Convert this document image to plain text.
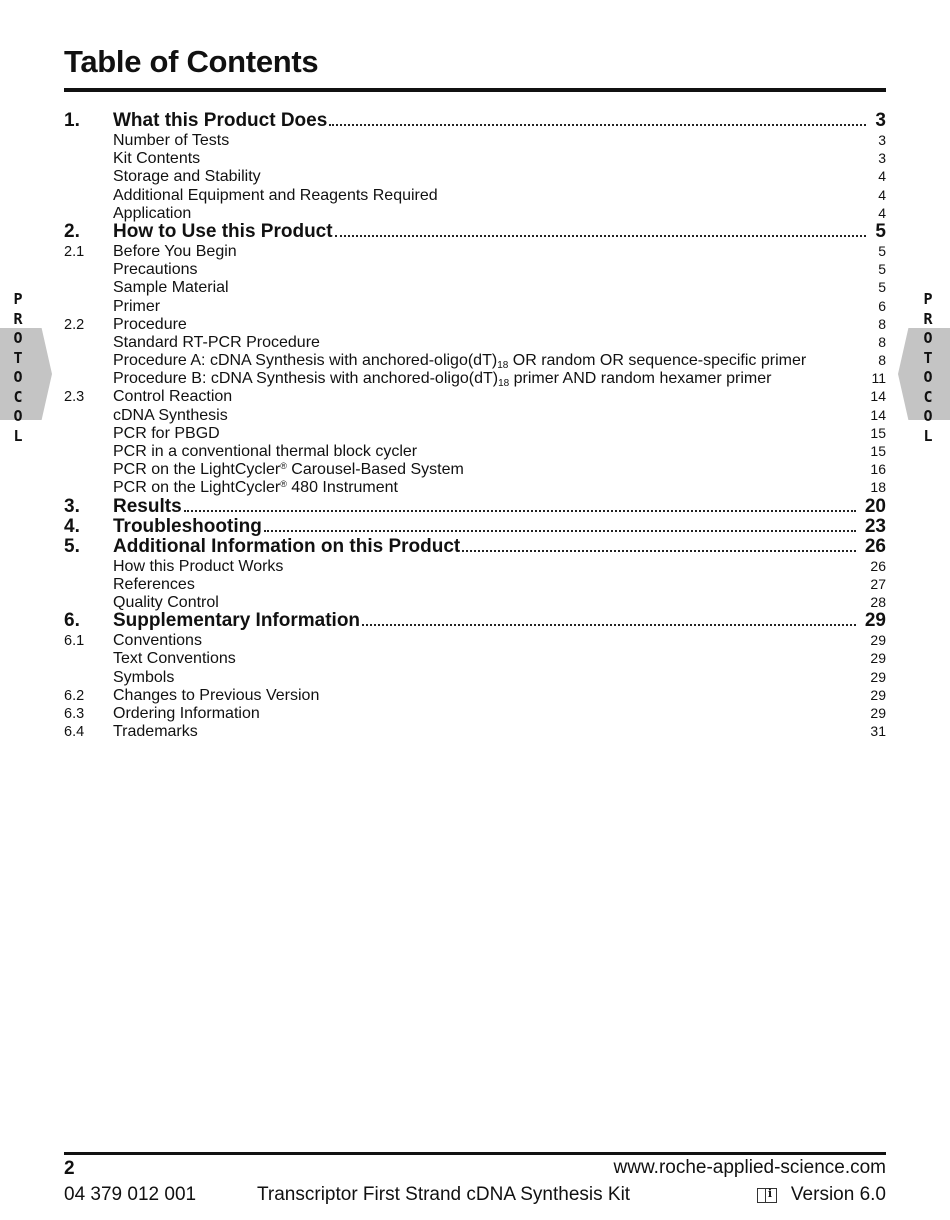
Table of Contents
P
R
O
T
O
C
O
L
P
R
O
T
O
C
O
L
1.	What this Product Does	3
Number of Tests	3
Kit Contents	3
Storage and Stability	4
Additional Equipment and Reagents Required	4
Application	4
2.	How to Use this Product	5
2.1	Before You Begin	5
Precautions	5
Sample Material	5
Primer	6
2.2	Procedure	8
Standard RT-PCR Procedure	8
Procedure A: cDNA Synthesis with anchored-$oligo(dT)_{18}$ OR random OR sequence-specific primer	8
Procedure B: cDNA Synthesis with anchored-$oligo(dT)_{18}$ primer AND random hexamer primer	11
2.3	Control Reaction	14
cDNA Synthesis	14
PCR for PBGD	15
PCR in a conventional thermal block cycler	15
PCR on the LightCycler® Carousel-Based System	16
PCR on the LightCycler® 480 Instrument	18
3.	Results	20
4.	Troubleshooting	23
5.	Additional Information on this Product	26
How this Product Works	26
References	27
Quality Control	28
6.	Supplementary Information	29
6.1	Conventions	29
Text Conventions	29
Symbols	29
6.2	Changes to Previous Version	29
6.3	Ordering Information	29
6.4	Trademarks	31
2	www.roche-applied-science.com
04 379 012 001	Transcriptor First Strand cDNA Synthesis Kit i	Version 6.0
